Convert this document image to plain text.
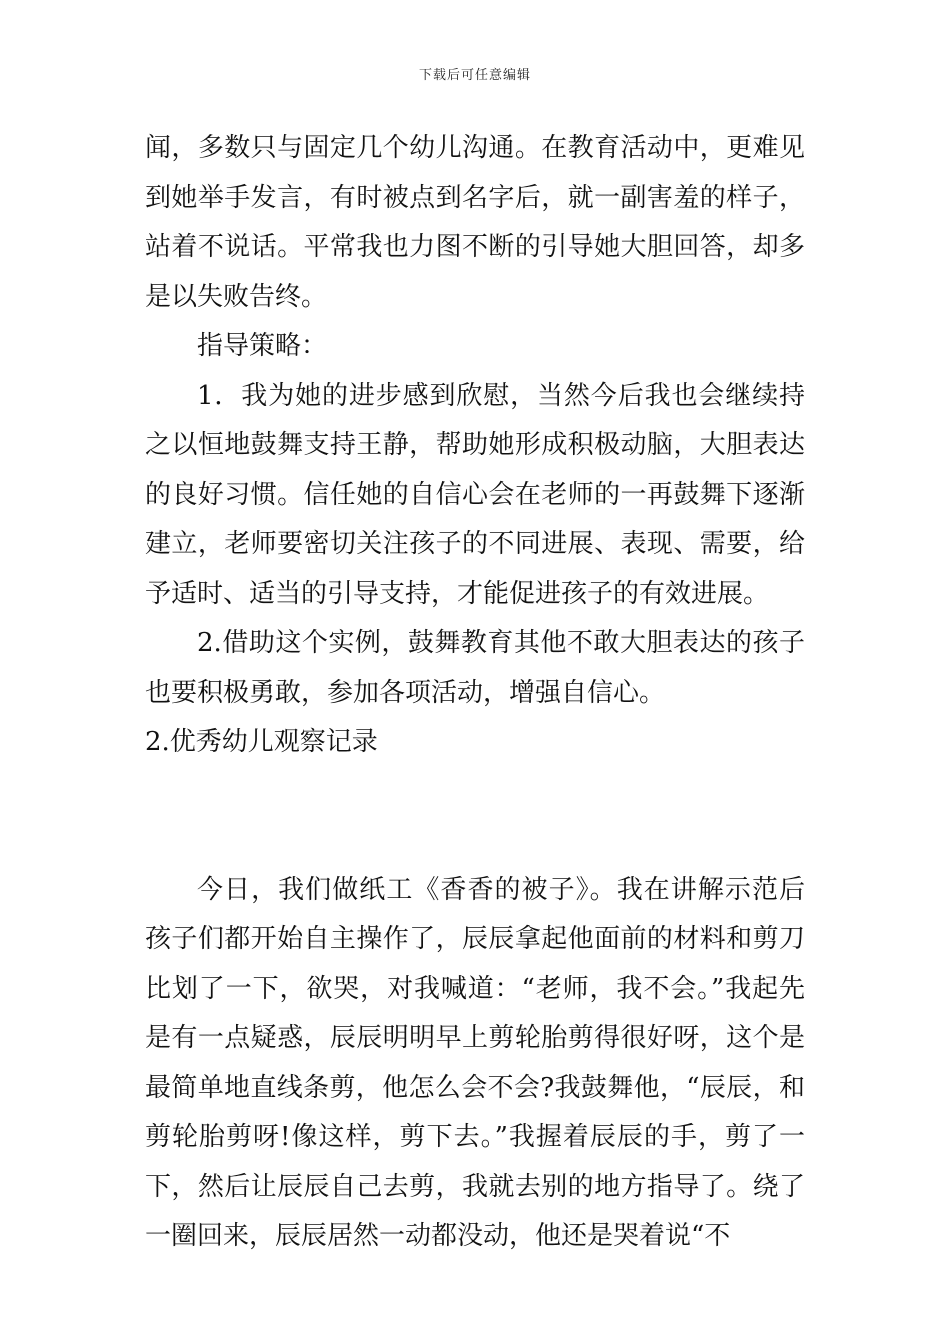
下载后可任意编辑

闻，多数只与固定几个幼儿沟通。在教育活动中，更难见到她举手发言，有时被点到名字后，就一副害羞的样子，站着不说话。平常我也力图不断的引导她大胆回答，却多是以失败告终。

指导策略：

1．我为她的进步感到欣慰，当然今后我也会继续持之以恒地鼓舞支持王静，帮助她形成积极动脑，大胆表达的良好习惯。信任她的自信心会在老师的一再鼓舞下逐渐建立，老师要密切关注孩子的不同进展、表现、需要，给予适时、适当的引导支持，才能促进孩子的有效进展。

2.借助这个实例，鼓舞教育其他不敢大胆表达的孩子也要积极勇敢，参加各项活动，增强自信心。

2.优秀幼儿观察记录

今日，我们做纸工《香香的被子》。我在讲解示范后孩子们都开始自主操作了，辰辰拿起他面前的材料和剪刀比划了一下，欲哭，对我喊道：“老师，我不会。”我起先是有一点疑惑，辰辰明明早上剪轮胎剪得很好呀，这个是最简单地直线条剪，他怎么会不会?我鼓舞他，“辰辰，和剪轮胎剪呀!像这样，剪下去。”我握着辰辰的手，剪了一下，然后让辰辰自己去剪，我就去别的地方指导了。绕了一圈回来，辰辰居然一动都没动，他还是哭着说“不
